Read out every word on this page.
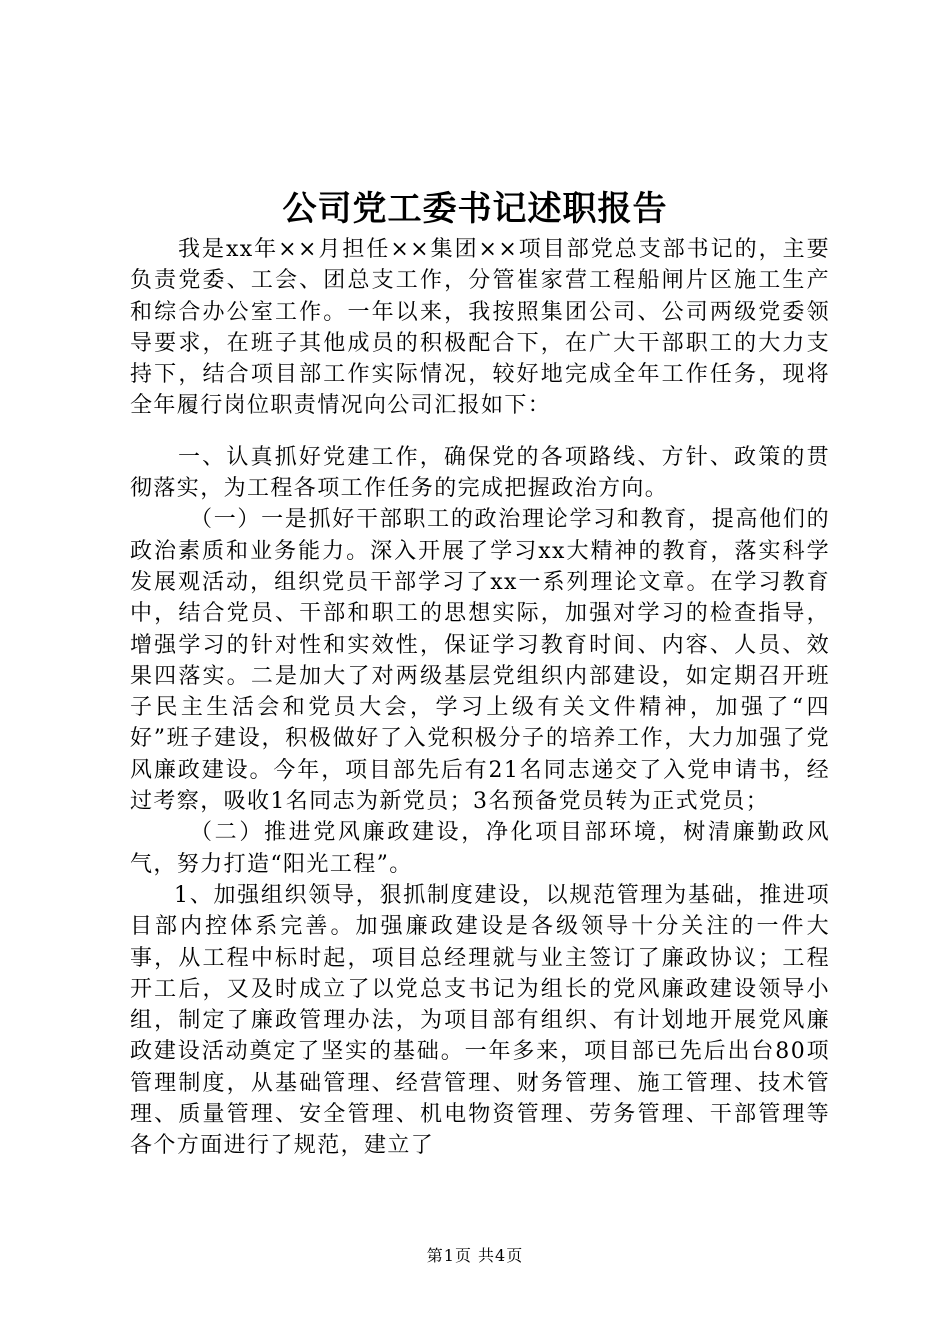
公司党工委书记述职报告

我是xx年××月担任××集团××项目部党总支部书记的，主要负责党委、工会、团总支工作，分管崔家营工程船闸片区施工生产和综合办公室工作。一年以来，我按照集团公司、公司两级党委领导要求，在班子其他成员的积极配合下，在广大干部职工的大力支持下，结合项目部工作实际情况，较好地完成全年工作任务，现将全年履行岗位职责情况向公司汇报如下：

一、认真抓好党建工作，确保党的各项路线、方针、政策的贯彻落实，为工程各项工作任务的完成把握政治方向。

（一）一是抓好干部职工的政治理论学习和教育，提高他们的政治素质和业务能力。深入开展了学习xx大精神的教育，落实科学发展观活动，组织党员干部学习了xx一系列理论文章。在学习教育中，结合党员、干部和职工的思想实际，加强对学习的检查指导，增强学习的针对性和实效性，保证学习教育时间、内容、人员、效果四落实。二是加大了对两级基层党组织内部建设，如定期召开班子民主生活会和党员大会，学习上级有关文件精神，加强了“四好”班子建设，积极做好了入党积极分子的培养工作，大力加强了党风廉政建设。今年，项目部先后有21名同志递交了入党申请书，经过考察，吸收1名同志为新党员；3名预备党员转为正式党员；

（二）推进党风廉政建设，净化项目部环境，树清廉勤政风气，努力打造“阳光工程”。

1、加强组织领导，狠抓制度建设，以规范管理为基础，推进项目部内控体系完善。加强廉政建设是各级领导十分关注的一件大事，从工程中标时起，项目总经理就与业主签订了廉政协议；工程开工后，又及时成立了以党总支书记为组长的党风廉政建设领导小组，制定了廉政管理办法，为项目部有组织、有计划地开展党风廉政建设活动奠定了坚实的基础。一年多来，项目部已先后出台80项管理制度，从基础管理、经营管理、财务管理、施工管理、技术管理、质量管理、安全管理、机电物资管理、劳务管理、干部管理等各个方面进行了规范，建立了

第1页 共4页
